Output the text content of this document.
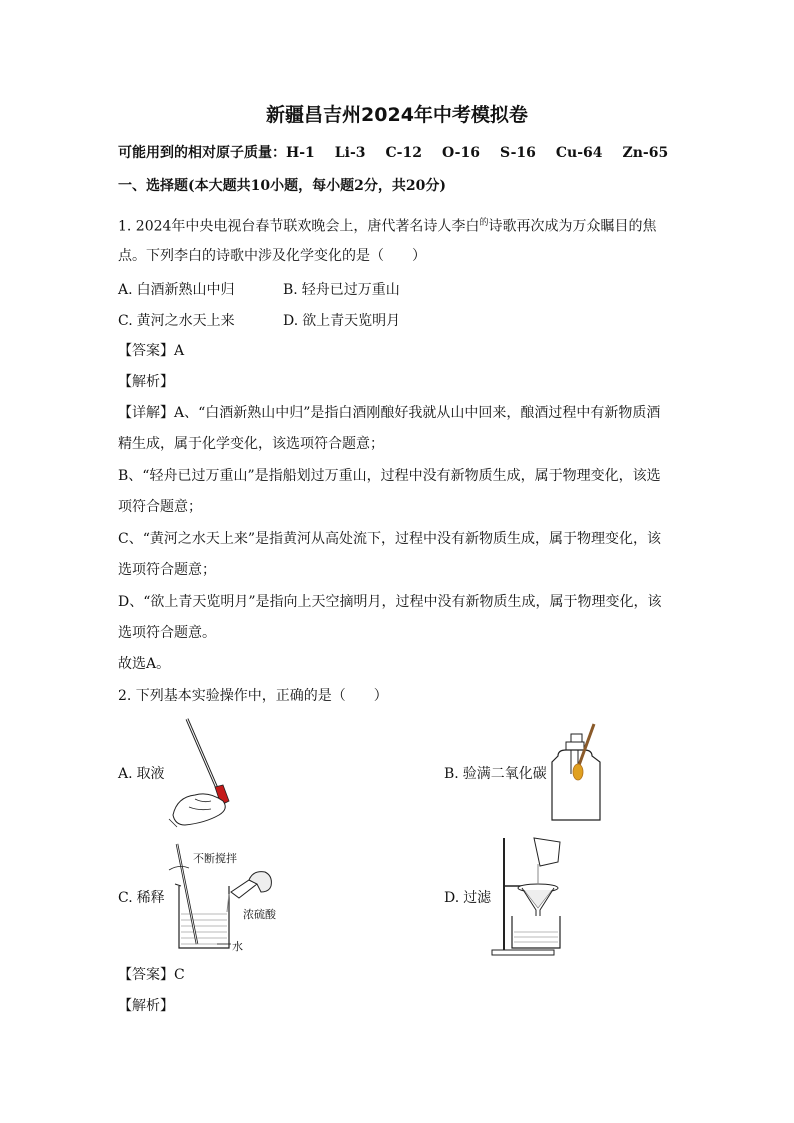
新疆昌吉州2024年中考模拟卷
可能用到的相对原子质量：H-1 Li-3 C-12 O-16 S-16 Cu-64 Zn-65
一、选择题(本大题共10小题，每小题2分，共20分)
1. 2024年中央电视台春节联欢晚会上，唐代著名诗人李白$^的$诗歌再次成为万众瞩目的焦
点。下列李白的诗歌中涉及化学变化的是（　　）
A. 白酒新熟山中归	B. 轻舟已过万重山
C. 黄河之水天上来	D. 欲上青天览明月
【答案】A
【解析】
【详解】A、“白酒新熟山中归”是指白酒刚酿好我就从山中回来，酿酒过程中有新物质酒
精生成，属于化学变化，该选项符合题意；
B、“轻舟已过万重山”是指船划过万重山，过程中没有新物质生成，属于物理变化，该选
项符合题意；
C、“黄河之水天上来”是指黄河从高处流下，过程中没有新物质生成，属于物理变化，该
选项符合题意；
D、“欲上青天览明月”是指向上天空摘明月，过程中没有新物质生成，属于物理变化，该
选项符合题意。
故选A。
2. 下列基本实验操作中，正确的是（　　）
A. 取液	B. 验满二氧化碳
C. 稀释	D. 过滤
不断搅拌
浓硫酸
水
【答案】C
【解析】
